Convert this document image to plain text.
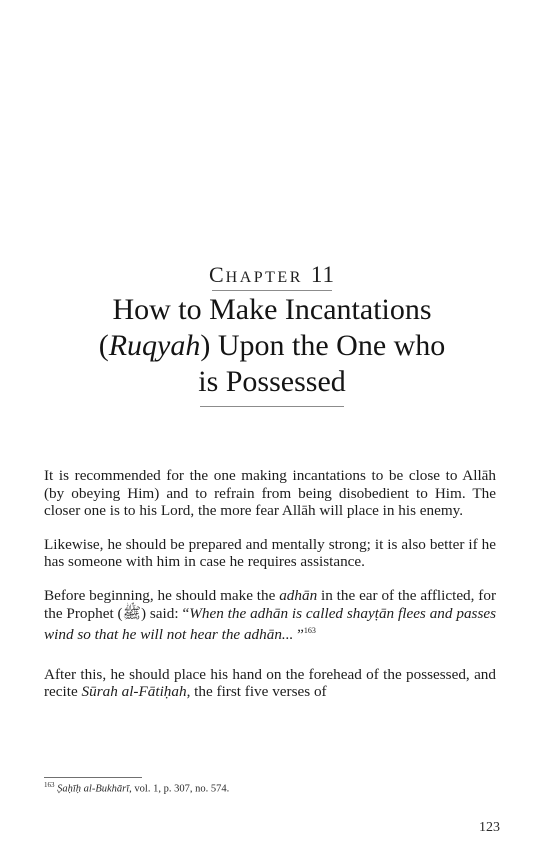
CHAPTER 11
How to Make Incantations
(Ruqyah) Upon the One who
is Possessed

It is recommended for the one making incantations to be close to Allāh (by obeying Him) and to refrain from being disobedient to Him. The closer one is to his Lord, the more fear Allāh will place in his enemy.

Likewise, he should be prepared and mentally strong; it is also better if he has someone with him in case he requires assistance.

Before beginning, he should make the adhān in the ear of the afflicted, for the Prophet (ﷺ) said: “When the adhān is called shayṭān flees and passes wind so that he will not hear the adhān... ”$^{163}$

After this, he should place his hand on the forehead of the possessed, and recite Sūrah al-Fātiḥah, the first five verses of

$^{163}$ Ṣaḥīḥ al-Bukhārī, vol. 1, p. 307, no. 574.
123
